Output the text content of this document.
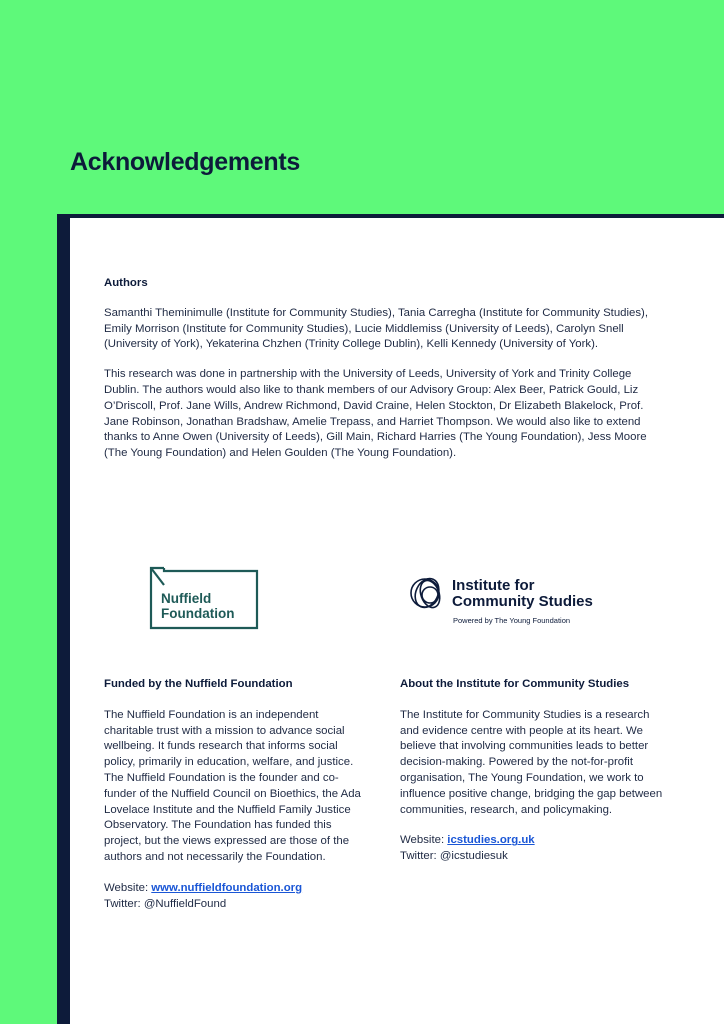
Acknowledgements

Authors

Samanthi Theminimulle (Institute for Community Studies), Tania Carregha (Institute for Community Studies), Emily Morrison (Institute for Community Studies), Lucie Middlemiss (University of Leeds), Carolyn Snell (University of York), Yekaterina Chzhen (Trinity College Dublin), Kelli Kennedy (University of York).

This research was done in partnership with the University of Leeds, University of York and Trinity College Dublin. The authors would also like to thank members of our Advisory Group: Alex Beer, Patrick Gould, Liz O’Driscoll, Prof. Jane Wills, Andrew Richmond, David Craine, Helen Stockton, Dr Elizabeth Blakelock, Prof. Jane Robinson, Jonathan Bradshaw, Amelie Trepass, and Harriet Thompson. We would also like to extend thanks to Anne Owen (University of Leeds), Gill Main, Richard Harries (The Young Foundation), Jess Moore (The Young Foundation) and Helen Goulden (The Young Foundation).

Nuffield
Foundation
Institute for
Community Studies
Powered by The Young Foundation

Funded by the Nuffield Foundation

The Nuffield Foundation is an independent charitable trust with a mission to advance social wellbeing. It funds research that informs social policy, primarily in education, welfare, and justice. The Nuffield Foundation is the founder and co-funder of the Nuffield Council on Bioethics, the Ada Lovelace Institute and the Nuffield Family Justice Observatory. The Foundation has funded this project, but the views expressed are those of the authors and not necessarily the Foundation.

Website: www.nuffieldfoundation.org

Twitter: @NuffieldFound

About the Institute for Community Studies

The Institute for Community Studies is a research and evidence centre with people at its heart. We believe that involving communities leads to better decision-making. Powered by the not-for-profit organisation, The Young Foundation, we work to influence positive change, bridging the gap between communities, research, and policymaking.

Website: icstudies.org.uk

Twitter: @icstudiesuk
